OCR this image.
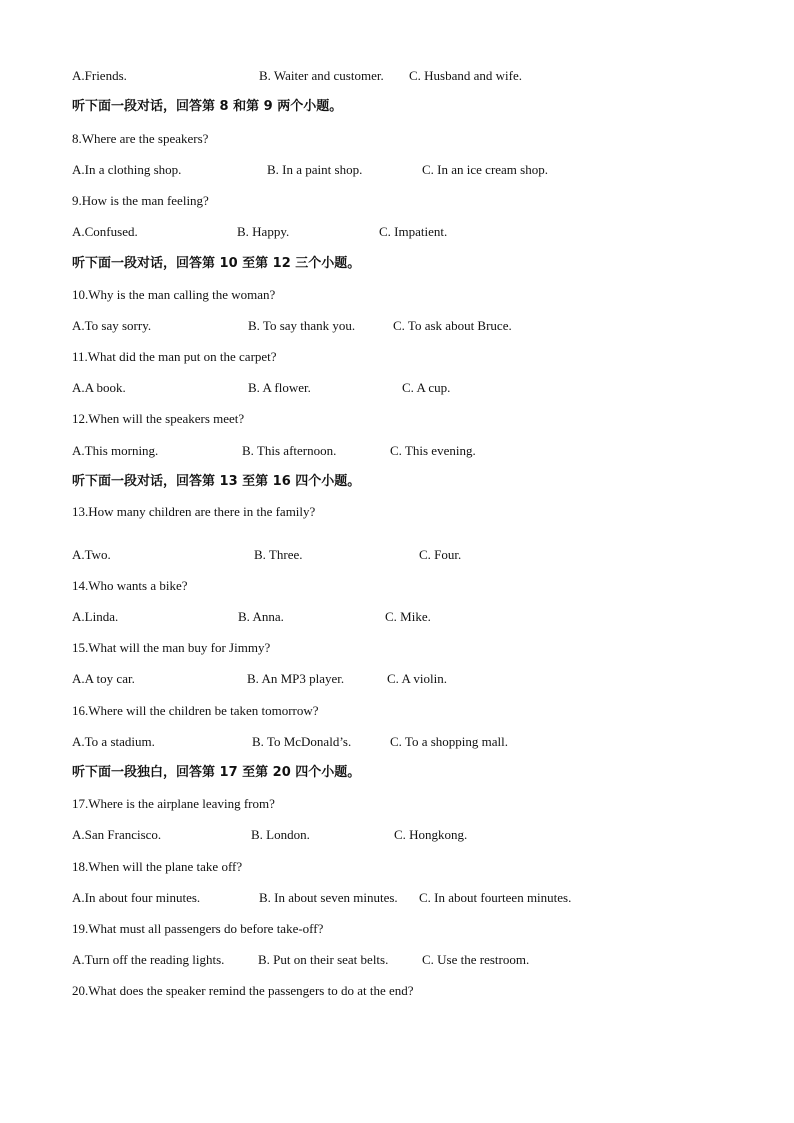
A.Friends.	B. Waiter and customer. C. Husband and wife.
听下面一段对话，回答第 8 和第 9 两个小题。
8.Where are the speakers?
A.In a clothing shop.	B. In a paint shop.	C. In an ice cream shop.
9.How is the man feeling?
A.Confused.	B. Happy.	C. Impatient.
听下面一段对话，回答第 10 至第 12 三个小题。
10.Why is the man calling the woman?
A.To say sorry.	B. To say thank you.	C. To ask about Bruce.
11.What did the man put on the carpet?
A.A book.	B. A flower.	C. A cup.
12.When will the speakers meet?
A.This morning.	B. This afternoon.	C. This evening.
听下面一段对话，回答第 13 至第 16 四个小题。
13.How many children are there in the family?
A.Two.	B. Three.	C. Four.
14.Who wants a bike?
A.Linda.	B. Anna.	C. Mike.
15.What will the man buy for Jimmy?
A.A toy car.	B. An MP3 player.	C. A violin.
16.Where will the children be taken tomorrow?
A.To a stadium.	B. To McDonald’s.	C. To a shopping mall.
听下面一段独白，回答第 17 至第 20 四个小题。
17.Where is the airplane leaving from?
A.San Francisco.	B. London.	C. Hongkong.
18.When will the plane take off?
A.In about four minutes.	B. In about seven minutes. C. In about fourteen minutes.
19.What must all passengers do before take-off?
A.Turn off the reading lights.	B. Put on their seat belts.	C. Use the restroom.
20.What does the speaker remind the passengers to do at the end?
